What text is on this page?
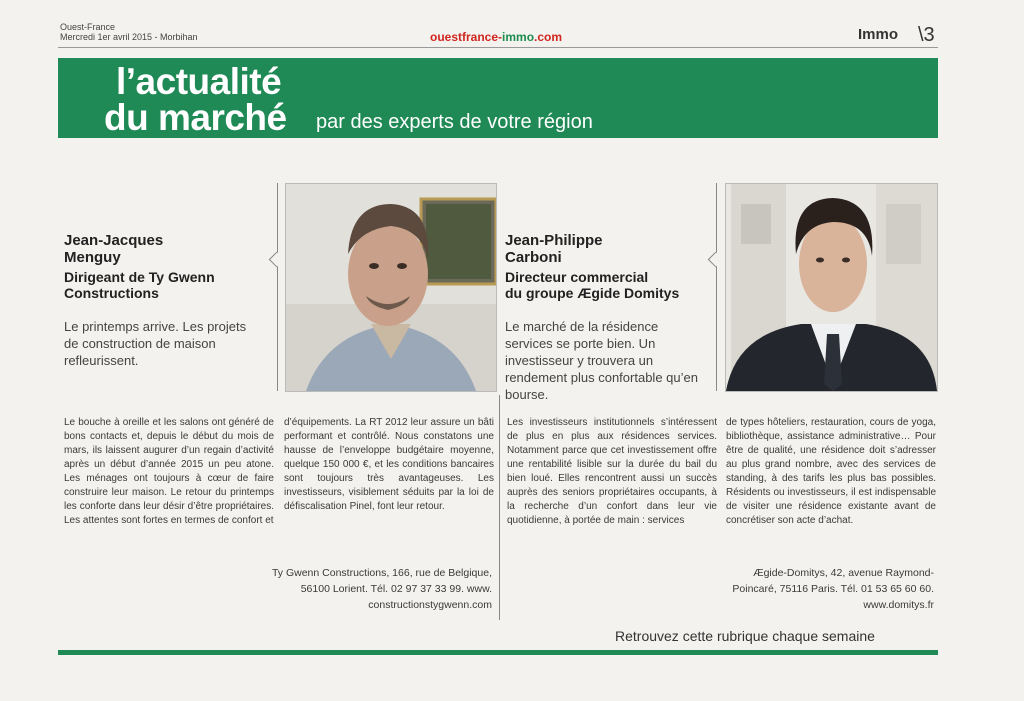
Ouest-France
Mercredi 1er avril 2015 - Morbihan	ouestfrance-immo.com	Immo \3
l’actualité
du marché par des experts de votre région
Jean-Jacques
Menguy
Dirigeant de Ty Gwenn
Constructions
Le printemps arrive. Les projets de construction de maison refleurissent.
Jean-Philippe
Carboni
Directeur commercial
du groupe Ægide Domitys
Le marché de la résidence services se porte bien. Un investisseur y trouvera un rendement plus confortable qu’en bourse.
Le bouche à oreille et les salons ont généré de bons contacts et, depuis le début du mois de mars, ils laissent augurer d’un regain d’activité après un début d’année 2015 un peu atone. Les ménages ont toujours à cœur de faire construire leur maison. Le retour du printemps les conforte dans leur désir d’être propriétaires. Les attentes sont fortes en termes de confort et
d’équipements. La RT 2012 leur assure un bâti performant et contrôlé. Nous constatons une hausse de l’enveloppe budgétaire moyenne, quelque 150 000 €, et les conditions bancaires sont toujours très avantageuses. Les investisseurs, visiblement séduits par la loi de défiscalisation Pinel, font leur retour.
Les investisseurs institutionnels s’intéressent de plus en plus aux résidences services. Notamment parce que cet investissement offre une rentabilité lisible sur la durée du bail du bien loué. Elles rencontrent aussi un succès auprès des seniors propriétaires occupants, à la recherche d’un confort dans leur vie quotidienne, à portée de main : services
de types hôteliers, restauration, cours de yoga, bibliothèque, assistance administrative… Pour être de qualité, une résidence doit s’adresser au plus grand nombre, avec des services de standing, à des tarifs les plus bas possibles. Résidents ou investisseurs, il est indispensable de visiter une résidence existante avant de concrétiser son acte d’achat.
Ty Gwenn Constructions, 166, rue de Belgique,
56100 Lorient. Tél. 02 97 37 33 99. www.
constructionstygwenn.com
Ægide-Domitys, 42, avenue Raymond-
Poincaré, 75116 Paris. Tél. 01 53 65 60 60.
www.domitys.fr
Retrouvez cette rubrique chaque semaine
